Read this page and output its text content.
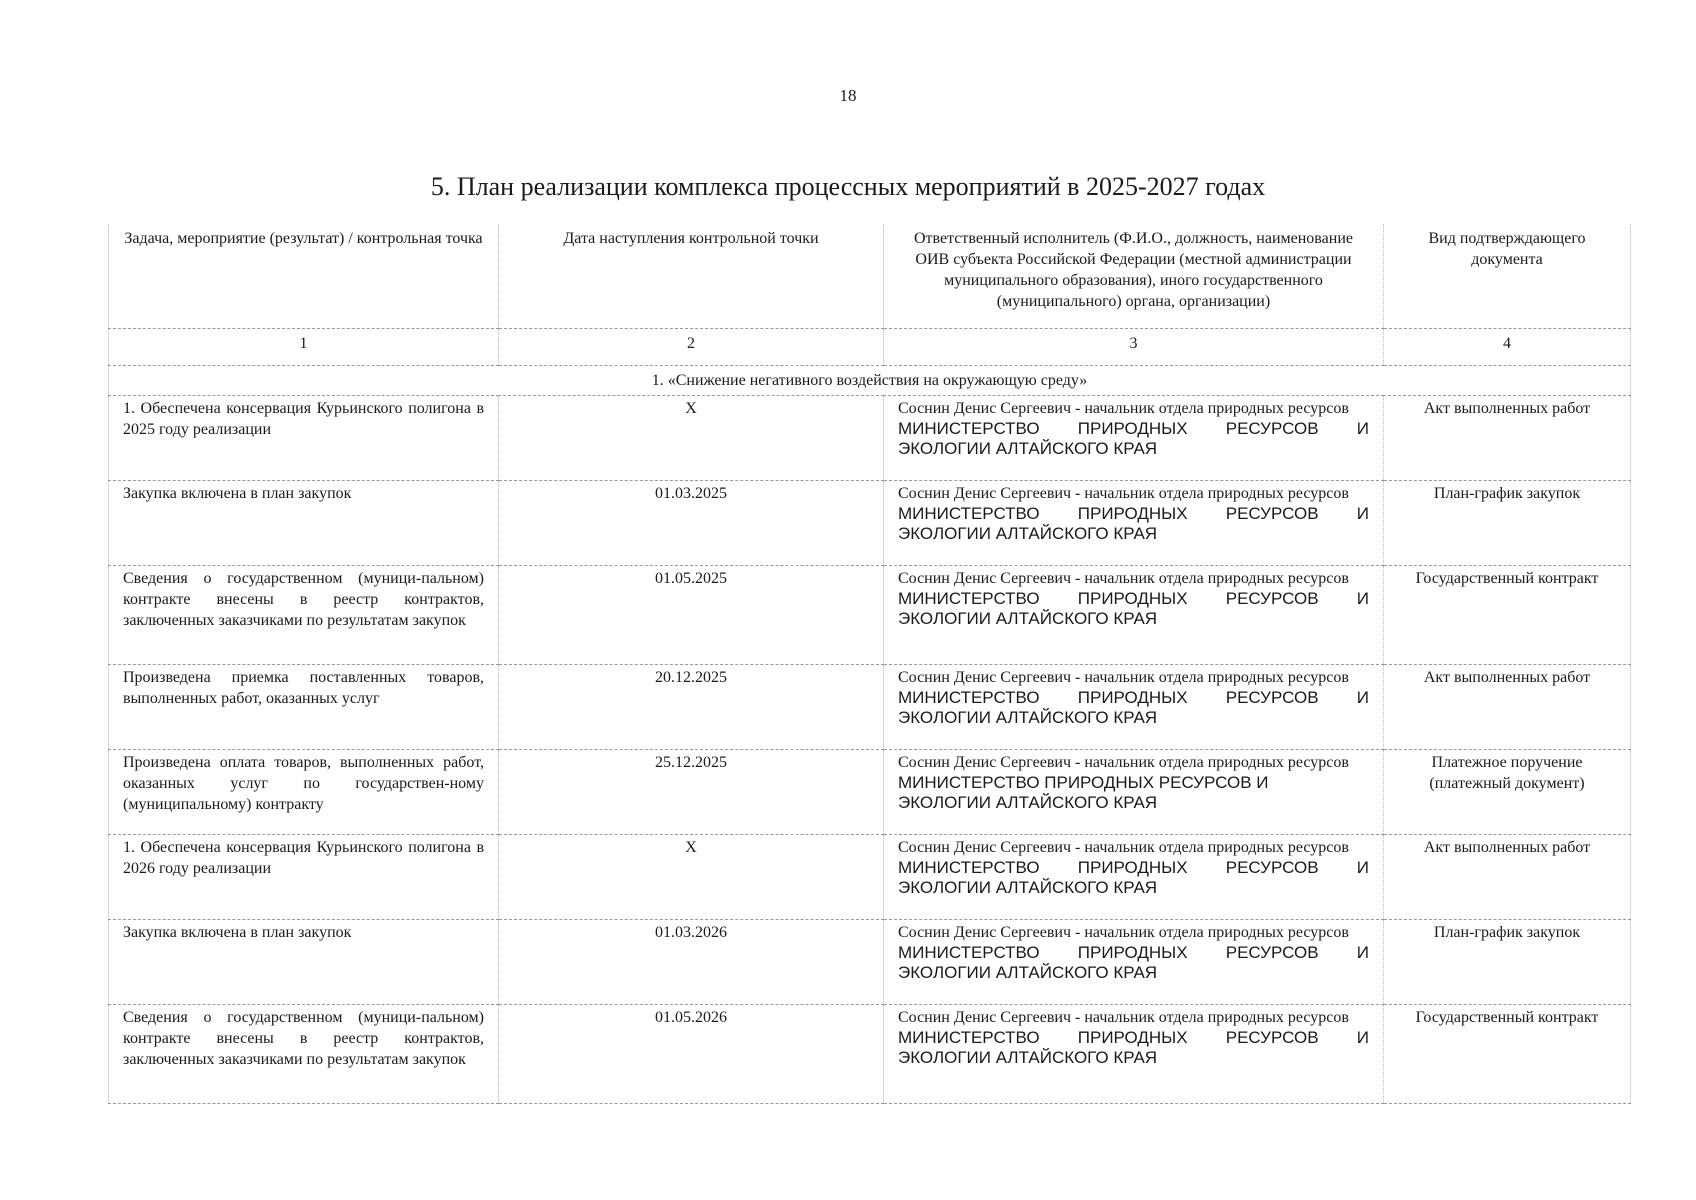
18
5. План реализации комплекса процессных мероприятий в 2025-2027 годах
Задача, мероприятие (результат) / контрольная точка	Дата наступления контрольной точки	Ответственный исполнитель (Ф.И.О., должность, наименование ОИВ субъекта Российской Федерации (местной администрации муниципального образования), иного государственного (муниципального) органа, организации)	Вид подтверждающего документа
1	2	3	4
1. «Снижение негативного воздействия на окружающую среду»			
1. Обеспечена консервация Курьинского полигона в 2025 году реализации	X	Соснин Денис Сергеевич - начальник отдела природных ресурсов
МИНИСТЕРСТВО ПРИРОДНЫХ РЕСУРСОВ И
ЭКОЛОГИИ АЛТАЙСКОГО КРАЯ	Акт выполненных работ
Закупка включена в план закупок	01.03.2025	Соснин Денис Сергеевич - начальник отдела природных ресурсов
МИНИСТЕРСТВО ПРИРОДНЫХ РЕСУРСОВ И
ЭКОЛОГИИ АЛТАЙСКОГО КРАЯ	План-график закупок
Сведения о государственном (муници-пальном) контракте внесены в реестр контрактов, заключенных заказчиками по результатам закупок	01.05.2025	Соснин Денис Сергеевич - начальник отдела природных ресурсов
МИНИСТЕРСТВО ПРИРОДНЫХ РЕСУРСОВ И
ЭКОЛОГИИ АЛТАЙСКОГО КРАЯ	Государственный контракт
Произведена приемка поставленных товаров, выполненных работ, оказанных услуг	20.12.2025	Соснин Денис Сергеевич - начальник отдела природных ресурсов
МИНИСТЕРСТВО ПРИРОДНЫХ РЕСУРСОВ И
ЭКОЛОГИИ АЛТАЙСКОГО КРАЯ	Акт выполненных работ
Произведена оплата товаров, выполненных работ, оказанных услуг по государствен-ному (муниципальному) контракту	25.12.2025	Соснин Денис Сергеевич - начальник отдела природных ресурсов
МИНИСТЕРСТВО ПРИРОДНЫХ РЕСУРСОВ И
ЭКОЛОГИИ АЛТАЙСКОГО КРАЯ	Платежное поручение (платежный документ)
1. Обеспечена консервация Курьинского полигона в 2026 году реализации	X	Соснин Денис Сергеевич - начальник отдела природных ресурсов
МИНИСТЕРСТВО ПРИРОДНЫХ РЕСУРСОВ И
ЭКОЛОГИИ АЛТАЙСКОГО КРАЯ	Акт выполненных работ
Закупка включена в план закупок	01.03.2026	Соснин Денис Сергеевич - начальник отдела природных ресурсов
МИНИСТЕРСТВО ПРИРОДНЫХ РЕСУРСОВ И
ЭКОЛОГИИ АЛТАЙСКОГО КРАЯ	План-график закупок
Сведения о государственном (муници-пальном) контракте внесены в реестр контрактов, заключенных заказчиками по результатам закупок	01.05.2026	Соснин Денис Сергеевич - начальник отдела природных ресурсов
МИНИСТЕРСТВО ПРИРОДНЫХ РЕСУРСОВ И
ЭКОЛОГИИ АЛТАЙСКОГО КРАЯ	Государственный контракт
